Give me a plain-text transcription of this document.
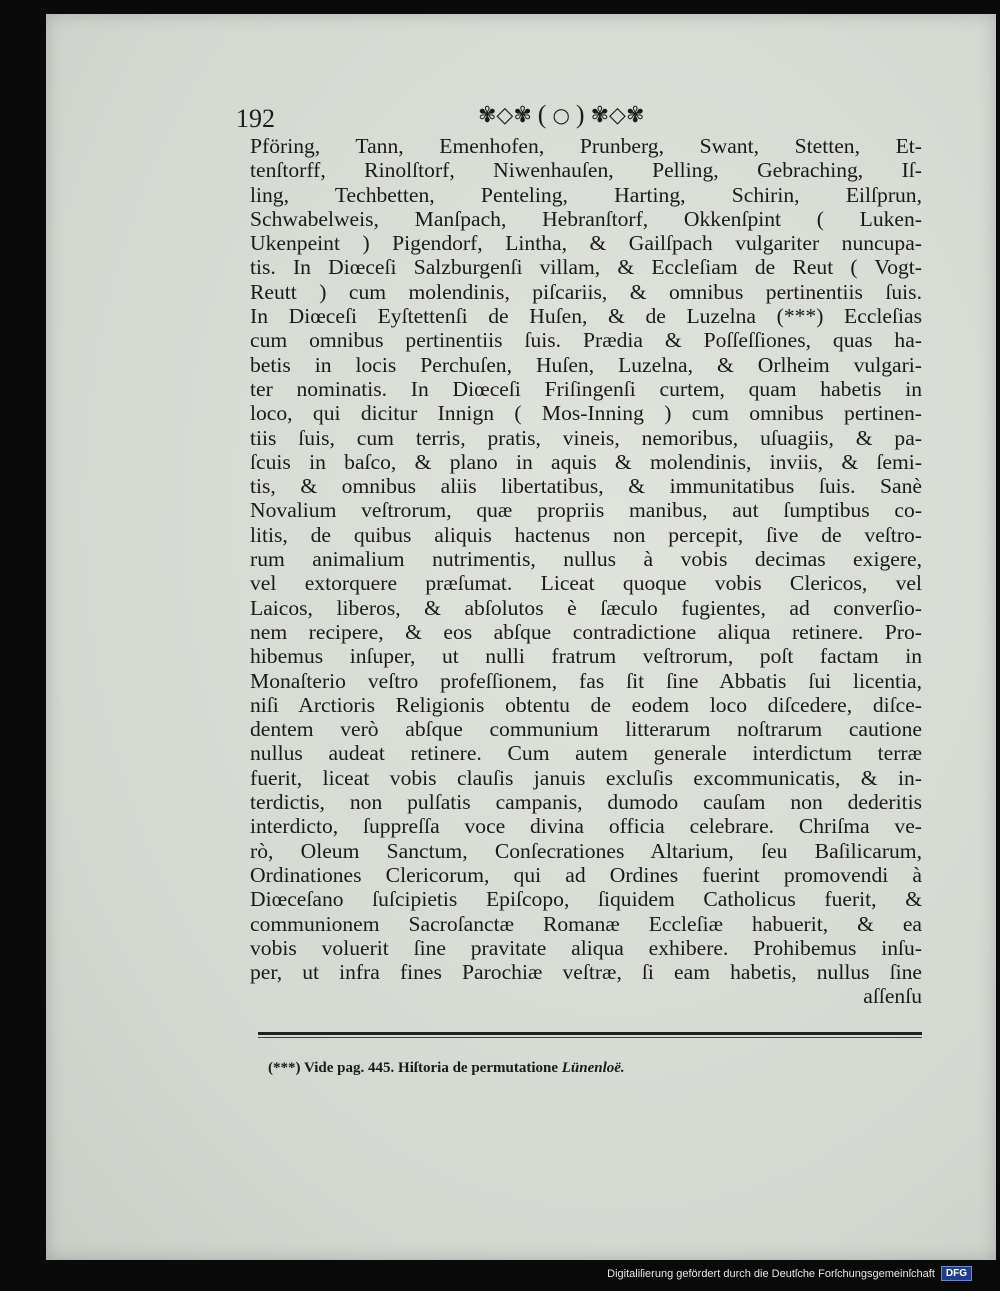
192	✾◇✾ ( ○ ) ✾◇✾
Pföring, Tann, Emenhofen, Prunberg, Swant, Stetten, Et-
tenſtorff, Rinolſtorf, Niwenhauſen, Pelling, Gebraching, Iſ-
ling, Techbetten, Penteling, Harting, Schirin, Eilſprun,
Schwabelweis, Manſpach, Hebranſtorf, Okkenſpint ( Luken-
Ukenpeint ) Pigendorf, Lintha, & Gailſpach vulgariter nuncupa-
tis. In Diœceſi Salzburgenſi villam, & Eccleſiam de Reut ( Vogt-
Reutt ) cum molendinis, piſcariis, & omnibus pertinentiis ſuis.
In Diœceſi Eyſtettenſi de Huſen, & de Luzelna (***) Eccleſias
cum omnibus pertinentiis ſuis. Prædia & Poſſeſſiones, quas ha-
betis in locis Perchuſen, Huſen, Luzelna, & Orlheim vulgari-
ter nominatis. In Diœceſi Friſingenſi curtem, quam habetis in
loco, qui dicitur Innign ( Mos-Inning ) cum omnibus pertinen-
tiis ſuis, cum terris, pratis, vineis, nemoribus, uſuagiis, & pa-
ſcuis in baſco, & plano in aquis & molendinis, inviis, & ſemi-
tis, & omnibus aliis libertatibus, & immunitatibus ſuis. Sanè
Novalium veſtrorum, quæ propriis manibus, aut ſumptibus co-
litis, de quibus aliquis hactenus non percepit, ſive de veſtro-
rum animalium nutrimentis, nullus à vobis decimas exigere,
vel extorquere præſumat. Liceat quoque vobis Clericos, vel
Laicos, liberos, & abſolutos è ſæculo fugientes, ad converſio-
nem recipere, & eos abſque contradictione aliqua retinere. Pro-
hibemus inſuper, ut nulli fratrum veſtrorum, poſt factam in
Monaſterio veſtro profeſſionem, fas ſit ſine Abbatis ſui licentia,
niſi Arctioris Religionis obtentu de eodem loco diſcedere, diſce-
dentem verò abſque communium litterarum noſtrarum cautione
nullus audeat retinere. Cum autem generale interdictum terræ
fuerit, liceat vobis clauſis januis excluſis excommunicatis, & in-
terdictis, non pulſatis campanis, dumodo cauſam non dederitis
interdicto, ſuppreſſa voce divina officia celebrare. Chriſma ve-
rò, Oleum Sanctum, Conſecrationes Altarium, ſeu Baſilicarum,
Ordinationes Clericorum, qui ad Ordines fuerint promovendi à
Diœceſano ſuſcipietis Epiſcopo, ſiquidem Catholicus fuerit, &
communionem Sacroſanctæ Romanæ Eccleſiæ habuerit, & ea
vobis voluerit ſine pravitate aliqua exhibere. Prohibemus inſu-
per, ut infra fines Parochiæ veſtræ, ſi eam habetis, nullus ſine
aſſenſu
(***) Vide pag. 445. Hiſtoria de permutatione Lünenloë.
Digitaliſierung gefördert durch die Deutſche Forſchungsgemeinſchaft	DFG
